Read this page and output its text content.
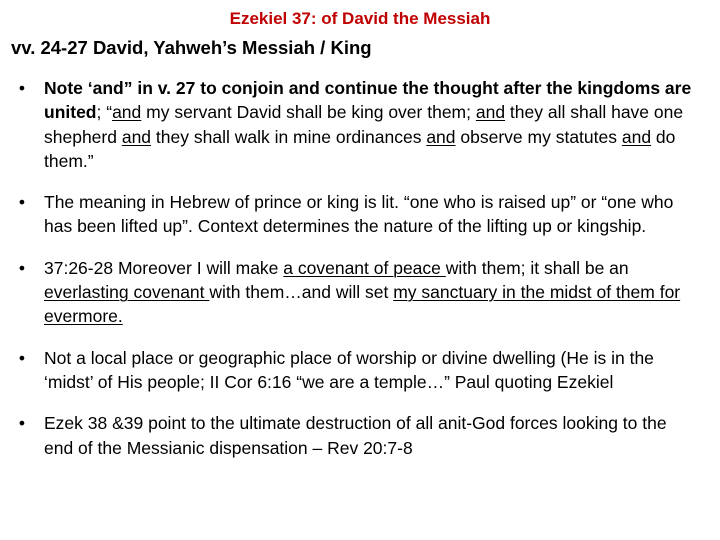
Ezekiel 37: of David the Messiah
vv. 24-27 David, Yahweh’s Messiah / King
• Note ‘and” in v. 27 to conjoin and continue the thought after the kingdoms are united; “and my servant David shall be king over them; and they all shall have one shepherd and they shall walk in mine ordinances and observe my statutes and do them.”
• The meaning in Hebrew of prince or king is lit. “one who is raised up” or “one who has been lifted up”. Context determines the nature of the lifting up or kingship.
• 37:26-28 Moreover I will make a covenant of peace with them; it shall be an everlasting covenant with them…and will set my sanctuary in the midst of them for evermore.
• Not a local place or geographic place of worship or divine dwelling (He is in the ‘midst’ of His people; II Cor 6:16 “we are a temple…” Paul quoting Ezekiel
• Ezek 38 &39 point to the ultimate destruction of all anit-God forces looking to the end of the Messianic dispensation – Rev 20:7-8
